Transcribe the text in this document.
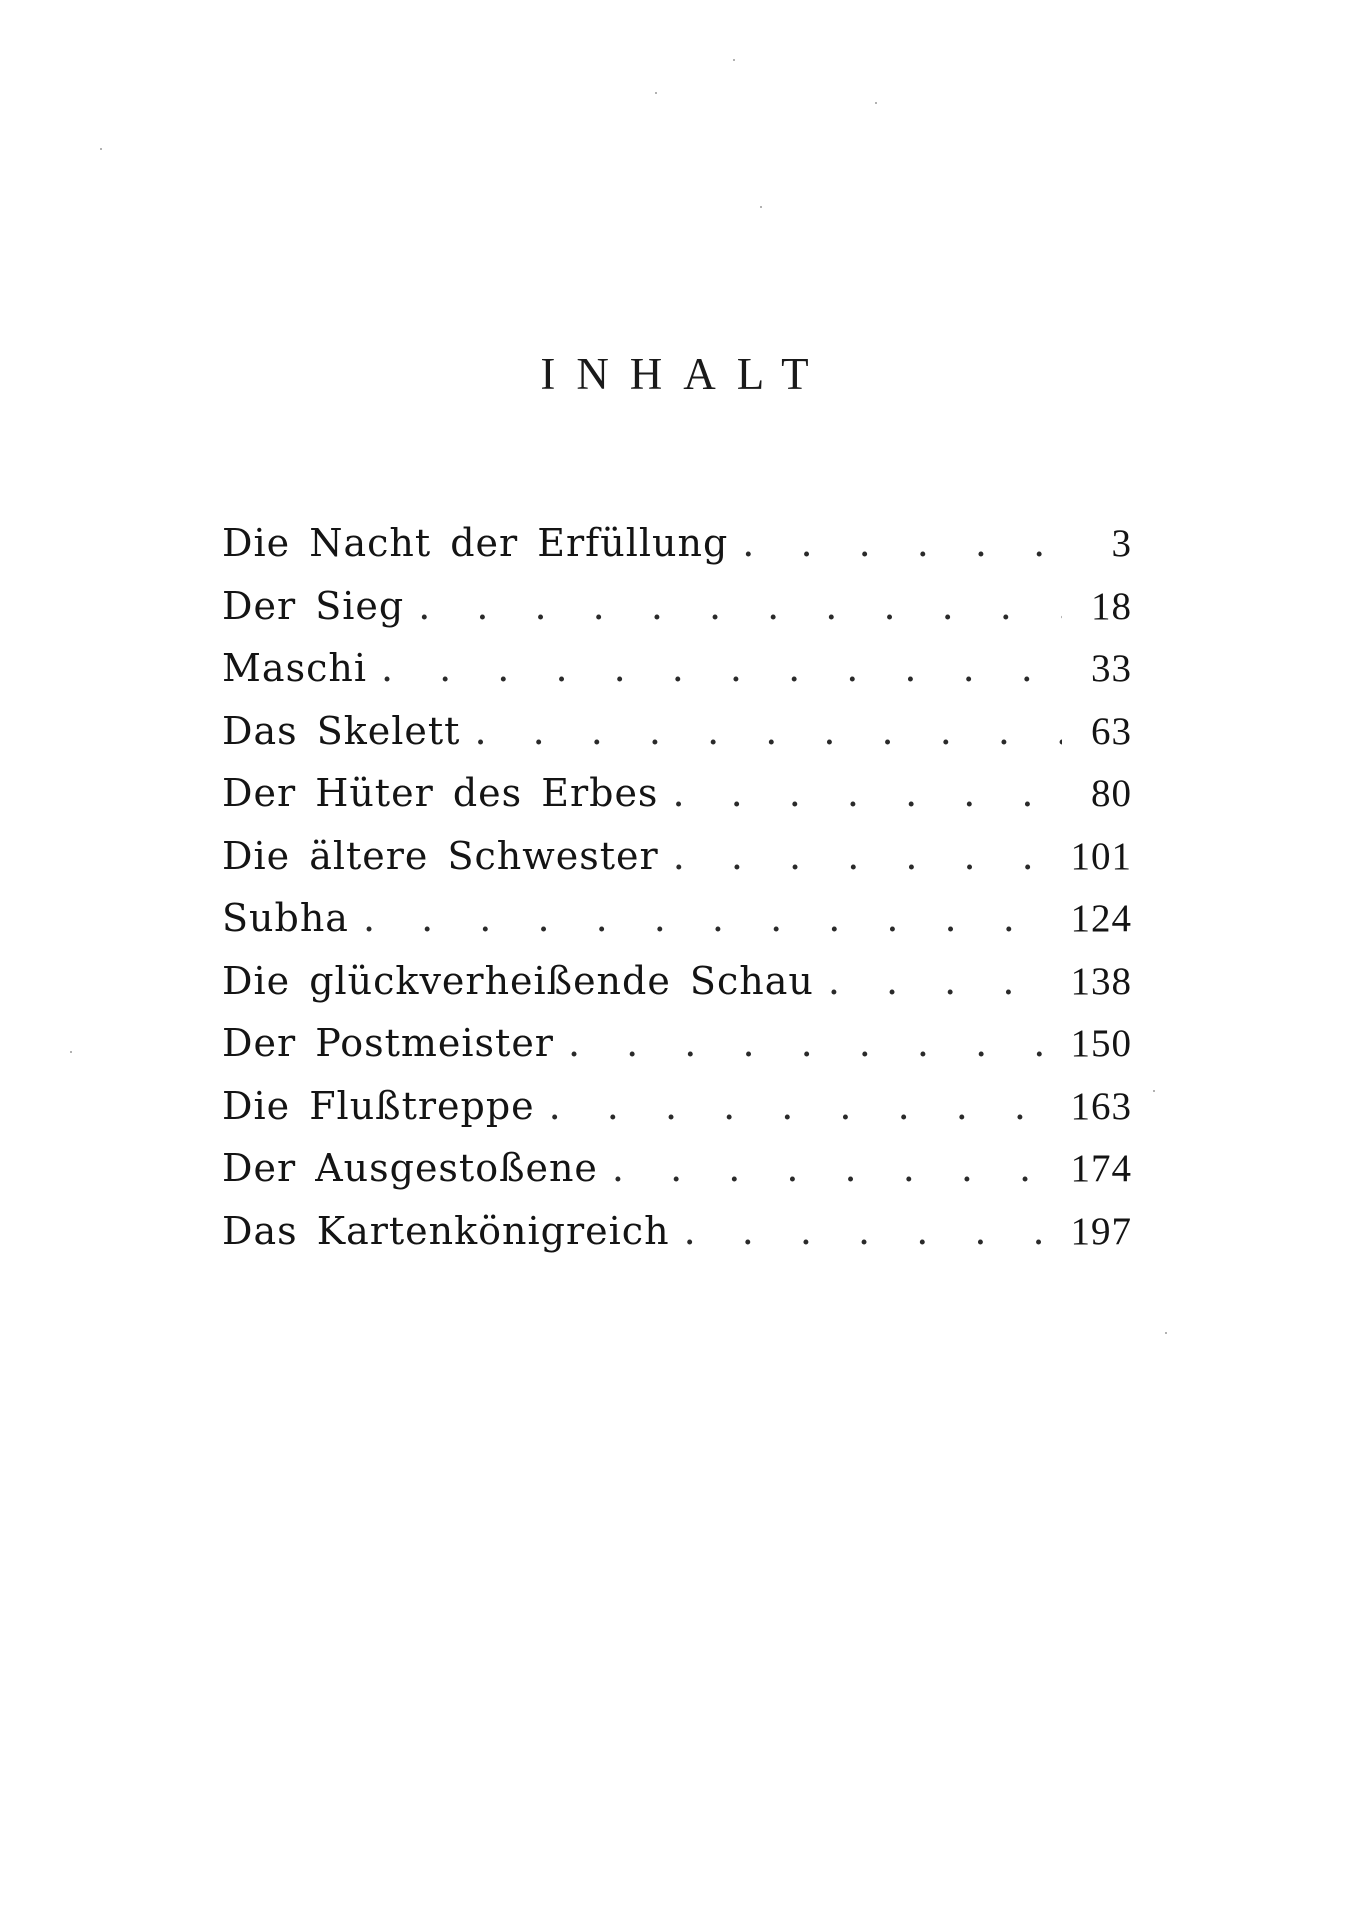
INHALT
Die Nacht der Erfüllung . . .	3
Der Sieg . . .	18
Maschi . . .	33
Das Skelett . . .	63
Der Hüter des Erbes . . .	80
Die ältere Schwester . . .	101
Subha . . .	124
Die glückverheißende Schau . . .	138
Der Postmeister . . .	150
Die Flußtreppe . . .	163
Der Ausgestoßene . . .	174
Das Kartenkönigreich . . .	197
